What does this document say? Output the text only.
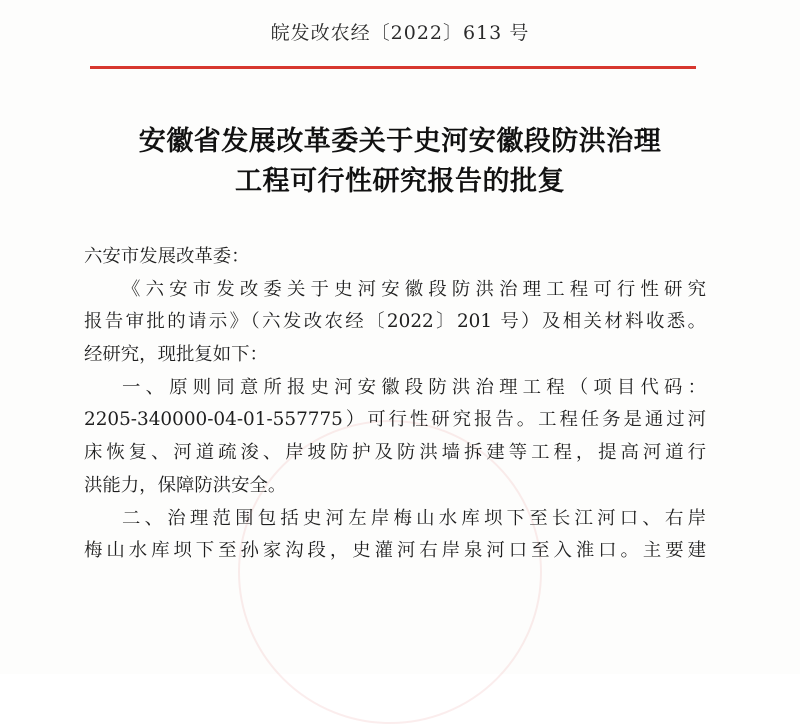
皖发改农经〔2022〕613 号
安徽省发展改革委关于史河安徽段防洪治理
工程可行性研究报告的批复
六安市发展改革委：
《六安市发改委关于史河安徽段防洪治理工程可行性研究
报告审批的请示》（六发改农经〔2022〕201 号）及相关材料收悉。
经研究，现批复如下：
一、原则同意所报史河安徽段防洪治理工程（项目代码：
2205-340000-04-01-557775）可行性研究报告。工程任务是通过河
床恢复、河道疏浚、岸坡防护及防洪墙拆建等工程，提高河道行
洪能力，保障防洪安全。
二、治理范围包括史河左岸梅山水库坝下至长江河口、右岸
梅山水库坝下至孙家沟段，史灌河右岸泉河口至入淮口。主要建
